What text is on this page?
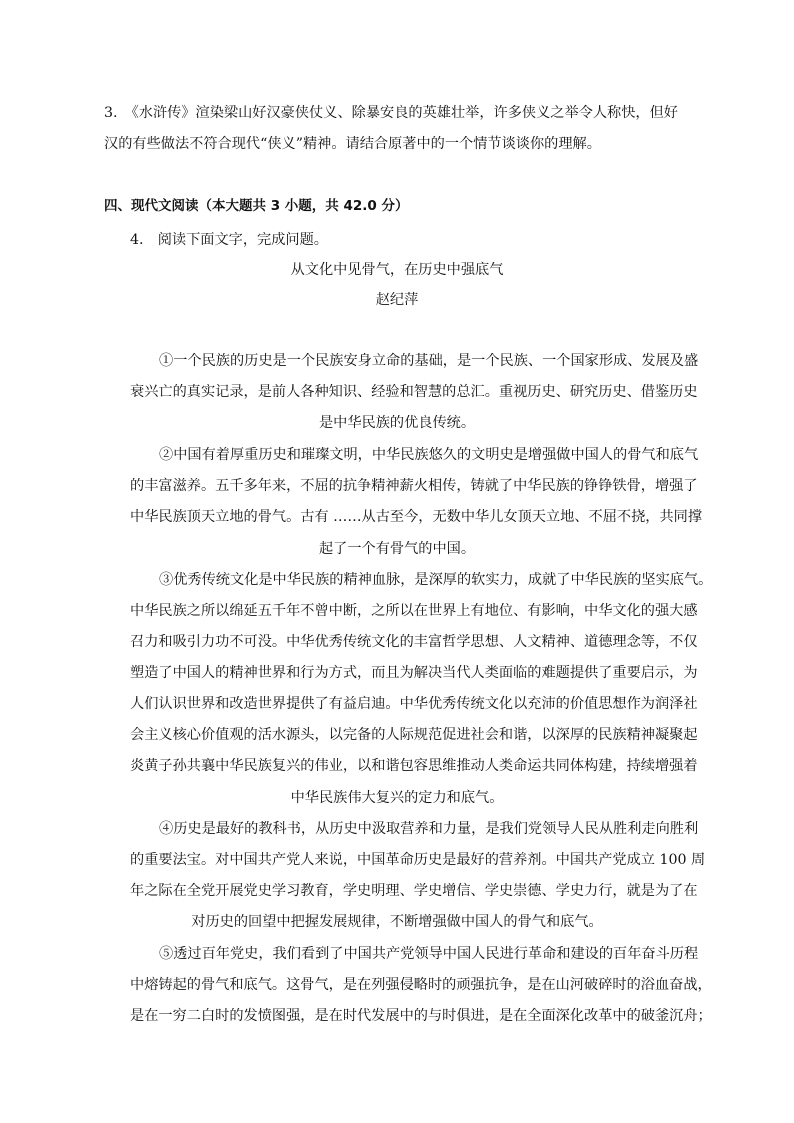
3.　《水浒传》渲染梁山好汉豪侠仗义、除暴安良的英雄壮举，许多侠义之举令人称快，但好
汉的有些做法不符合现代“侠义”精神。请结合原著中的一个情节谈谈你的理解。
四、现代文阅读（本大题共 3 小题，共 42.0 分）
4.　阅读下面文字，完成问题。
从文化中见骨气，在历史中强底气
赵纪萍
①一个民族的历史是一个民族安身立命的基础，是一个民族、一个国家形成、发展及盛
衰兴亡的真实记录，是前人各种知识、经验和智慧的总汇。重视历史、研究历史、借鉴历史
是中华民族的优良传统。
②中国有着厚重历史和璀璨文明，中华民族悠久的文明史是增强做中国人的骨气和底气
的丰富滋养。五千多年来，不屈的抗争精神薪火相传，铸就了中华民族的铮铮铁骨，增强了
中华民族顶天立地的骨气。古有 ……从古至今，无数中华儿女顶天立地、不屈不挠，共同撑
起了一个有骨气的中国。
③优秀传统文化是中华民族的精神血脉，是深厚的软实力，成就了中华民族的坚实底气。
中华民族之所以绵延五千年不曾中断，之所以在世界上有地位、有影响，中华文化的强大感
召力和吸引力功不可没。中华优秀传统文化的丰富哲学思想、人文精神、道德理念等，不仅
塑造了中国人的精神世界和行为方式，而且为解决当代人类面临的难题提供了重要启示，为
人们认识世界和改造世界提供了有益启迪。中华优秀传统文化以充沛的价值思想作为润泽社
会主义核心价值观的活水源头，以完备的人际规范促进社会和谐，以深厚的民族精神凝聚起
炎黄子孙共襄中华民族复兴的伟业，以和谐包容思维推动人类命运共同体构建，持续增强着
中华民族伟大复兴的定力和底气。
④历史是最好的教科书，从历史中汲取营养和力量，是我们党领导人民从胜利走向胜利
的重要法宝。对中国共产党人来说，中国革命历史是最好的营养剂。中国共产党成立 100 周
年之际在全党开展党史学习教育，学史明理、学史增信、学史崇德、学史力行，就是为了在
对历史的回望中把握发展规律，不断增强做中国人的骨气和底气。
⑤透过百年党史，我们看到了中国共产党领导中国人民进行革命和建设的百年奋斗历程
中熔铸起的骨气和底气。这骨气，是在列强侵略时的顽强抗争，是在山河破碎时的浴血奋战，
是在一穷二白时的发愤图强，是在时代发展中的与时俱进，是在全面深化改革中的破釜沉舟；
